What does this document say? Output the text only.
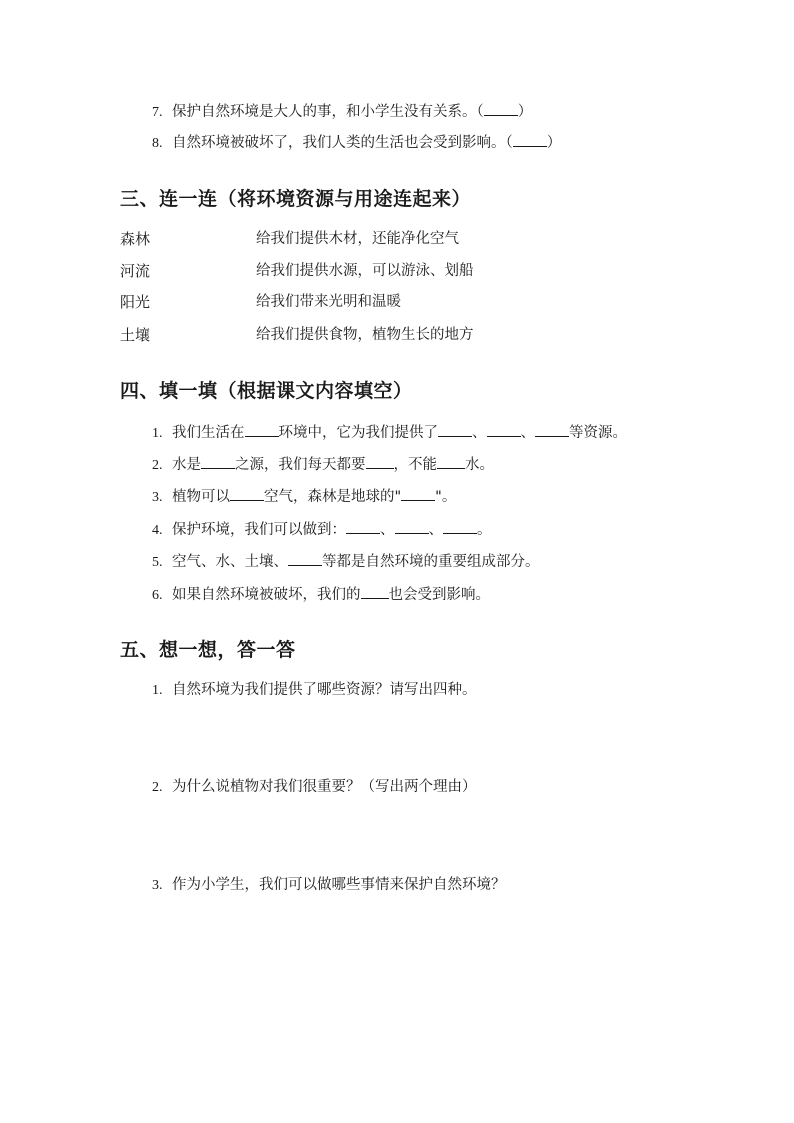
7. 保护自然环境是大人的事，和小学生没有关系。（ ）
8. 自然环境被破坏了，我们人类的生活也会受到影响。（ ）
三、连一连（将环境资源与用途连起来）
森林	给我们提供木材，还能净化空气
河流	给我们提供水源，可以游泳、划船
阳光	给我们带来光明和温暖
土壤	给我们提供食物，植物生长的地方
四、填一填（根据课文内容填空）
1. 我们生活在 环境中，它为我们提供了 、 、 等资源。
2. 水是 之源，我们每天都要 ，不能 水。
3. 植物可以 空气，森林是地球的" "。
4. 保护环境，我们可以做到： 、 、 。
5. 空气、水、土壤、 等都是自然环境的重要组成部分。
6. 如果自然环境被破坏，我们的 也会受到影响。
五、想一想，答一答
1. 自然环境为我们提供了哪些资源？请写出四种。
2. 为什么说植物对我们很重要？（写出两个理由）
3. 作为小学生，我们可以做哪些事情来保护自然环境？
